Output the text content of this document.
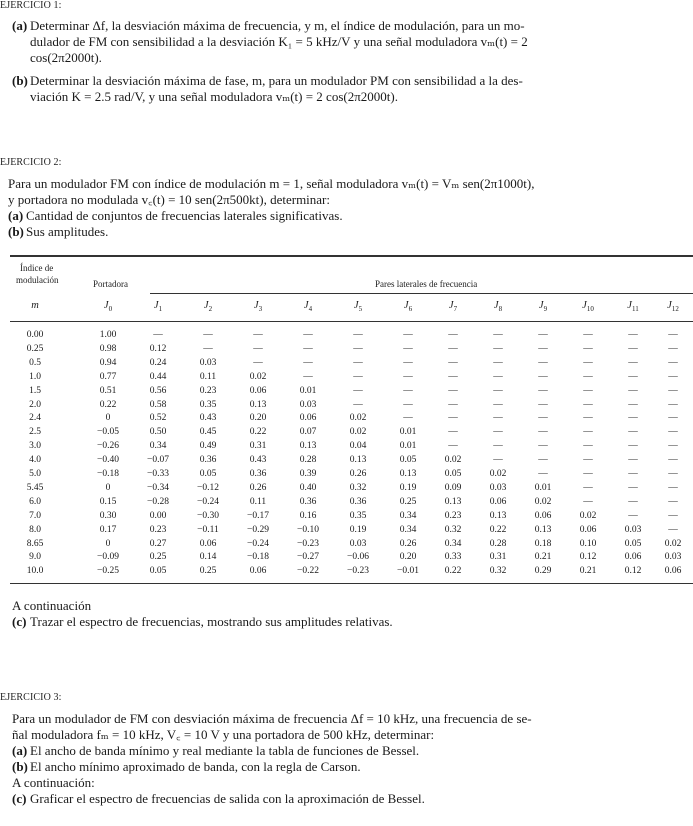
EJERCICIO 1:
(a) Determinar Δf, la desviación máxima de frecuencia, y m, el índice de modulación, para un mo-
dulador de FM con sensibilidad a la desviación K₁ = 5 kHz/V y una señal moduladora vₘ(t) = 2
cos(2π2000t).
(b) Determinar la desviación máxima de fase, m, para un modulador PM con sensibilidad a la des-
viación K = 2.5 rad/V, y una señal moduladora vₘ(t) = 2 cos(2π2000t).
EJERCICIO 2:
Para un modulador FM con índice de modulación m = 1, señal moduladora vₘ(t) = Vₘ sen(2π1000t),
y portadora no modulada v꜀(t) = 10 sen(2π500kt), determinar:
(a) Cantidad de conjuntos de frecuencias laterales significativas.
(b) Sus amplitudes.
Índice de
modulación	Portadora	Pares laterales de frecuencia
m	$J_0$	$J_1$	$J_2$	$J_3$	$J_4$	$J_5$	$J_6$	$J_7$	$J_8$	$J_9$	$J_{10}$	$J_{11}$	$J_{12}$
0.00	1.00	—	—	—	—	—	—	—	—	—	—	—	—
0.25	0.98	0.12	—	—	—	—	—	—	—	—	—	—	—
0.5	0.94	0.24	0.03	—	—	—	—	—	—	—	—	—	—
1.0	0.77	0.44	0.11	0.02	—	—	—	—	—	—	—	—	—
1.5	0.51	0.56	0.23	0.06	0.01	—	—	—	—	—	—	—	—
2.0	0.22	0.58	0.35	0.13	0.03	—	—	—	—	—	—	—	—
2.4	0	0.52	0.43	0.20	0.06	0.02	—	—	—	—	—	—	—
2.5	−0.05	0.50	0.45	0.22	0.07	0.02	0.01	—	—	—	—	—	—
3.0	−0.26	0.34	0.49	0.31	0.13	0.04	0.01	—	—	—	—	—	—
4.0	−0.40	−0.07	0.36	0.43	0.28	0.13	0.05	0.02	—	—	—	—	—
5.0	−0.18	−0.33	0.05	0.36	0.39	0.26	0.13	0.05	0.02	—	—	—	—
5.45	0	−0.34	−0.12	0.26	0.40	0.32	0.19	0.09	0.03	0.01	—	—	—
6.0	0.15	−0.28	−0.24	0.11	0.36	0.36	0.25	0.13	0.06	0.02	—	—	—
7.0	0.30	0.00	−0.30	−0.17	0.16	0.35	0.34	0.23	0.13	0.06	0.02	—	—
8.0	0.17	0.23	−0.11	−0.29	−0.10	0.19	0.34	0.32	0.22	0.13	0.06	0.03	—
8.65	0	0.27	0.06	−0.24	−0.23	0.03	0.26	0.34	0.28	0.18	0.10	0.05	0.02
9.0	−0.09	0.25	0.14	−0.18	−0.27	−0.06	0.20	0.33	0.31	0.21	0.12	0.06	0.03
10.0	−0.25	0.05	0.25	0.06	−0.22	−0.23	−0.01	0.22	0.32	0.29	0.21	0.12	0.06
A continuación
(c) Trazar el espectro de frecuencias, mostrando sus amplitudes relativas.
EJERCICIO 3:
Para un modulador de FM con desviación máxima de frecuencia Δf = 10 kHz, una frecuencia de se-
ñal moduladora fₘ = 10 kHz, V꜀ = 10 V y una portadora de 500 kHz, determinar:
(a) El ancho de banda mínimo y real mediante la tabla de funciones de Bessel.
(b) El ancho mínimo aproximado de banda, con la regla de Carson.
A continuación:
(c) Graficar el espectro de frecuencias de salida con la aproximación de Bessel.
